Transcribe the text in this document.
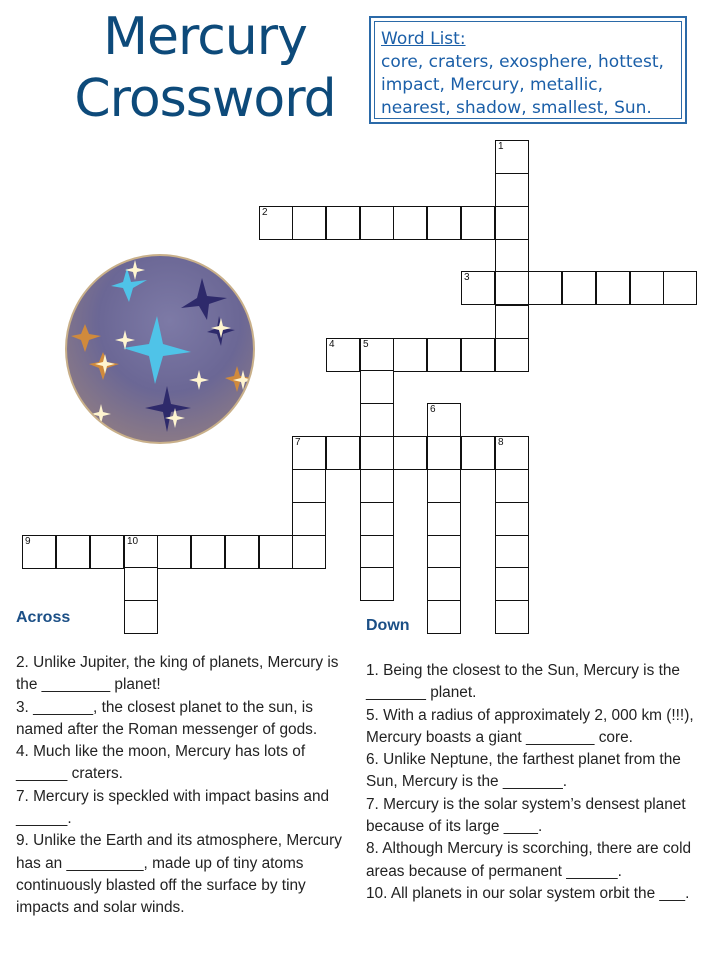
Mercury
Crossword
Word List:
core, craters, exosphere, hottest,
impact, Mercury, metallic,
nearest, shadow, smallest, Sun.
1
2
3
4	5
6
7	8
9	10
Across	Down

2. Unlike Jupiter, the king of planets, Mercury is the ________ planet!

3. _______, the closest planet to the sun, is named after the Roman messenger of gods.

4. Much like the moon, Mercury has lots of ______ craters.

7. Mercury is speckled with impact basins and ______.

9. Unlike the Earth and its atmosphere, Mercury has an _________, made up of tiny atoms continuously blasted off the surface by tiny impacts and solar winds.

1. Being the closest to the Sun, Mercury is the _______ planet.

5. With a radius of approximately 2, 000 km (!!!), Mercury boasts a giant ________ core.

6. Unlike Neptune, the farthest planet from the Sun, Mercury is the _______.

7. Mercury is the solar system’s densest planet because of its large ____.

8. Although Mercury is scorching, there are cold areas because of permanent ______.

10. All planets in our solar system orbit the ___.
